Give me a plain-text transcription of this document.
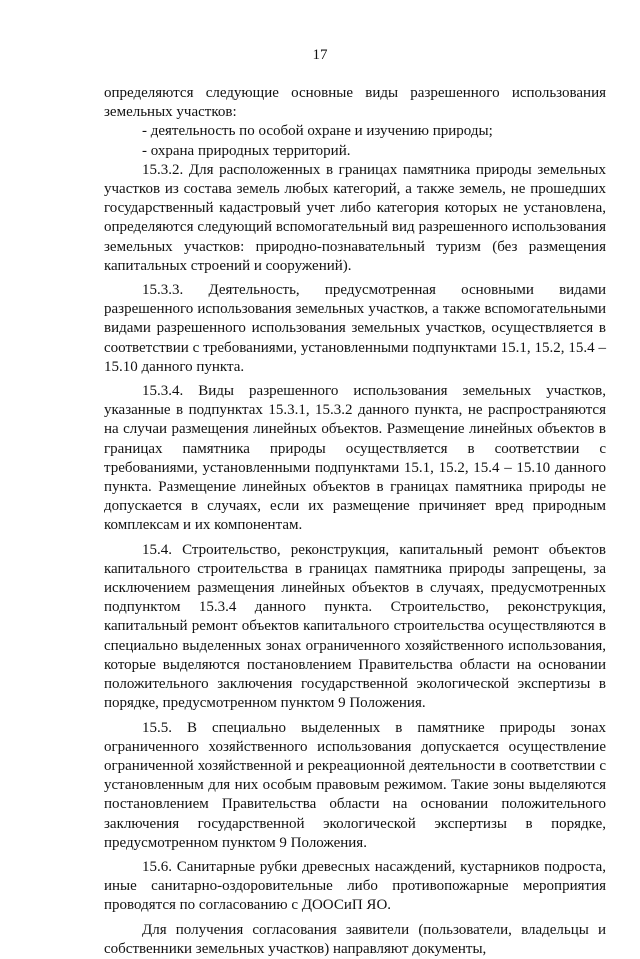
17

определяются следующие основные виды разрешенного использования земельных участков:

- деятельность по особой охране и изучению природы;

- охрана природных территорий.

15.3.2. Для расположенных в границах памятника природы земельных участков из состава земель любых категорий, а также земель, не прошедших государственный кадастровый учет либо категория которых не установлена, определяются следующий вспомогательный вид разрешенного использования земельных участков: природно-познавательный туризм (без размещения капитальных строений и сооружений).

15.3.3. Деятельность, предусмотренная основными видами разрешенного использования земельных участков, а также вспомогательными видами разрешенного использования земельных участков, осуществляется в соответствии с требованиями, установленными подпунктами 15.1, 15.2, 15.4 – 15.10 данного пункта.

15.3.4. Виды разрешенного использования земельных участков, указанные в подпунктах 15.3.1, 15.3.2 данного пункта, не распространяются на случаи размещения линейных объектов. Размещение линейных объектов в границах памятника природы осуществляется в соответствии с требованиями, установленными подпунктами 15.1, 15.2, 15.4 – 15.10 данного пункта. Размещение линейных объектов в границах памятника природы не допускается в случаях, если их размещение причиняет вред природным комплексам и их компонентам.

15.4. Строительство, реконструкция, капитальный ремонт объектов капитального строительства в границах памятника природы запрещены, за исключением размещения линейных объектов в случаях, предусмотренных подпунктом 15.3.4 данного пункта. Строительство, реконструкция, капитальный ремонт объектов капитального строительства осуществляются в специально выделенных зонах ограниченного хозяйственного использования, которые выделяются постановлением Правительства области на основании положительного заключения государственной экологической экспертизы в порядке, предусмотренном пунктом 9 Положения.

15.5. В специально выделенных в памятнике природы зонах ограниченного хозяйственного использования допускается осуществление ограниченной хозяйственной и рекреационной деятельности в соответствии с установленным для них особым правовым режимом. Такие зоны выделяются постановлением Правительства области на основании положительного заключения государственной экологической экспертизы в порядке, предусмотренном пунктом 9 Положения.

15.6. Санитарные рубки древесных насаждений, кустарников подроста, иные санитарно-оздоровительные либо противопожарные мероприятия проводятся по согласованию с ДООСиП ЯО.

Для получения согласования заявители (пользователи, владельцы и собственники земельных участков) направляют документы,
